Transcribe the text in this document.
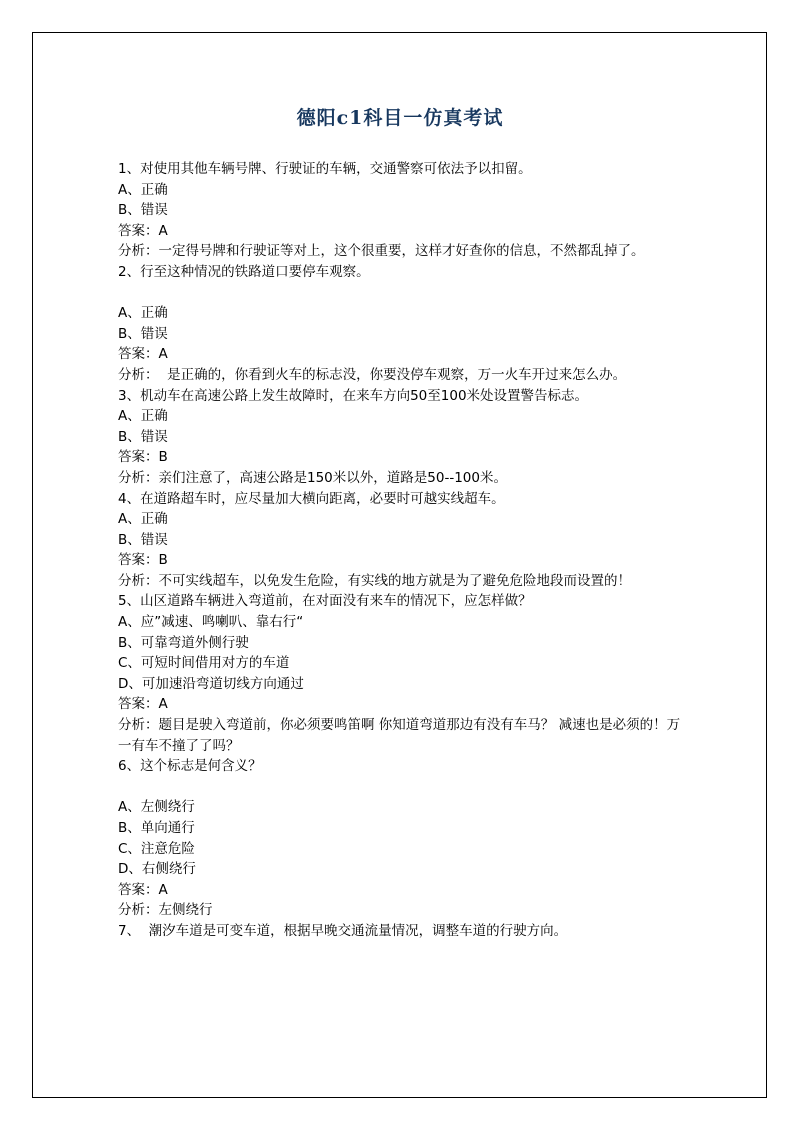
德阳c1科目一仿真考试
1、对使用其他车辆号牌、行驶证的车辆，交通警察可依法予以扣留。
A、正确
B、错误
答案：A
分析：一定得号牌和行驶证等对上，这个很重要，这样才好查你的信息，不然都乱掉了。
2、行至这种情况的铁路道口要停车观察。
A、正确
B、错误
答案：A
分析：  是正确的，你看到火车的标志没，你要没停车观察，万一火车开过来怎么办。
3、机动车在高速公路上发生故障时，在来车方向50至100米处设置警告标志。
A、正确
B、错误
答案：B
分析：亲们注意了，高速公路是150米以外，道路是50--100米。
4、在道路超车时，应尽量加大横向距离，必要时可越实线超车。
A、正确
B、错误
答案：B
分析：不可实线超车，以免发生危险，有实线的地方就是为了避免危险地段而设置的！
5、山区道路车辆进入弯道前，在对面没有来车的情况下，应怎样做？
A、应”减速、鸣喇叭、靠右行“
B、可靠弯道外侧行驶
C、可短时间借用对方的车道
D、可加速沿弯道切线方向通过
答案：A
分析：题目是驶入弯道前，你必须要鸣笛啊 你知道弯道那边有没有车马？ 减速也是必须的！万一有车不撞了了吗？
6、这个标志是何含义？
A、左侧绕行
B、单向通行
C、注意危险
D、右侧绕行
答案：A
分析：左侧绕行
7、  潮汐车道是可变车道，根据早晚交通流量情况，调整车道的行驶方向。
